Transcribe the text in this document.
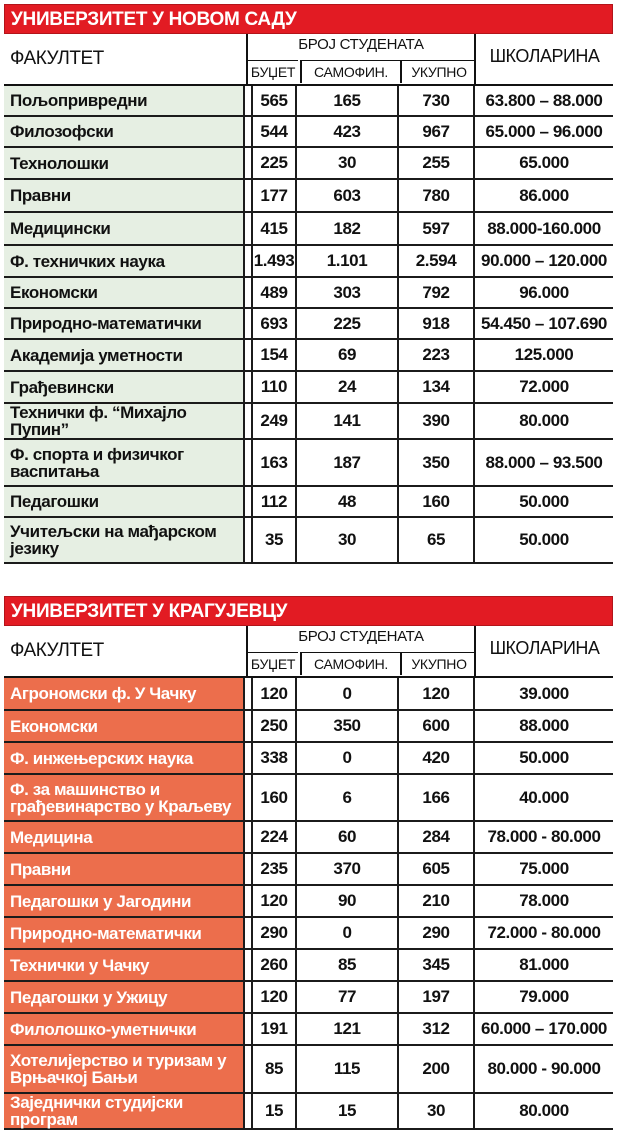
УНИВЕРЗИТЕТ У НОВОМ САДУ
ФАКУЛТЕТ
БРОЈ СТУДЕНАТА
БУЏЕТ	САМОФИН.	УКУПНО
ШКОЛАРИНА
Пољопривредни		565	165	730	63.800 – 88.000
Филозофски		544	423	967	65.000 – 96.000
Технолошки		225	30	255	65.000
Правни		177	603	780	86.000
Медицински		415	182	597	88.000-160.000
Ф. техничких наука		1.493	1.101	2.594	90.000 – 120.000
Економски		489	303	792	96.000
Природно-математички		693	225	918	54.450 – 107.690
Академија уметности		154	69	223	125.000
Грађевински		110	24	134	72.000
Технички ф. “Михајло Пупин”		249	141	390	80.000
Ф. спорта и физичког васпитања		163	187	350	88.000 – 93.500
Педагошки		112	48	160	50.000
Учитељски на мађарском језику		35	30	65	50.000
УНИВЕРЗИТЕТ У КРАГУЈЕВЦУ
ФАКУЛТЕТ
БРОЈ СТУДЕНАТА
БУЏЕТ	САМОФИН.	УКУПНО
ШКОЛАРИНА
Агрономски ф. У Чачку		120	0	120	39.000
Економски		250	350	600	88.000
Ф. инжењерских наука		338	0	420	50.000
Ф. за машинство и грађевинарство у Краљеву		160	6	166	40.000
Медицина		224	60	284	78.000 - 80.000
Правни		235	370	605	75.000
Педагошки у Јагодини		120	90	210	78.000
Природно-математички		290	0	290	72.000 - 80.000
Технички у Чачку		260	85	345	81.000
Педагошки у Ужицу		120	77	197	79.000
Филолошко-уметнички		191	121	312	60.000 – 170.000
Хотелијерство и туризам у Врњачкој Бањи		85	115	200	80.000 - 90.000
Заједнички студијски програм		15	15	30	80.000
